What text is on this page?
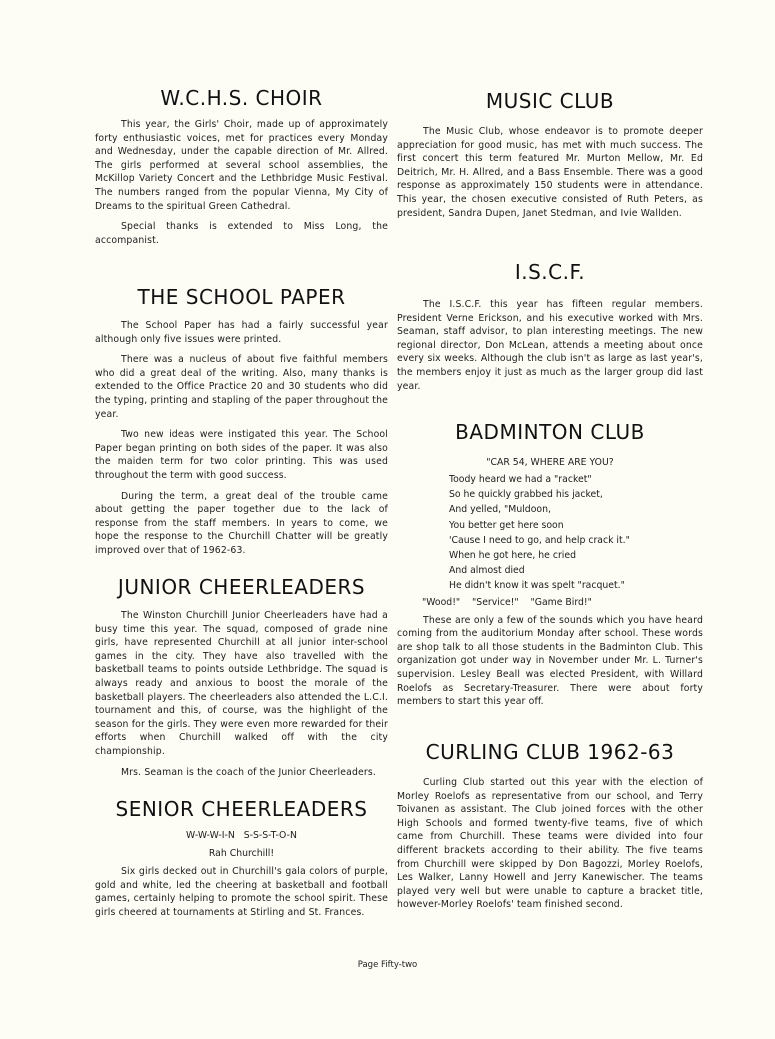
W.C.H.S. CHOIR

This year, the Girls' Choir, made up of approximately forty enthusiastic voices, met for practices every Monday and Wednesday, under the capable direction of Mr. Allred. The girls performed at several school assemblies, the McKillop Variety Concert and the Lethbridge Music Festival. The numbers ranged from the popular Vienna, My City of Dreams to the spiritual Green Cathedral.

Special thanks is extended to Miss Long, the accompanist.

THE SCHOOL PAPER

The School Paper has had a fairly successful year although only five issues were printed.

There was a nucleus of about five faithful members who did a great deal of the writing. Also, many thanks is extended to the Office Practice 20 and 30 students who did the typing, printing and stapling of the paper throughout the year.

Two new ideas were instigated this year. The School Paper began printing on both sides of the paper. It was also the maiden term for two color printing. This was used throughout the term with good success.

During the term, a great deal of the trouble came about getting the paper together due to the lack of response from the staff members. In years to come, we hope the response to the Churchill Chatter will be greatly improved over that of 1962-63.

JUNIOR CHEERLEADERS

The Winston Churchill Junior Cheerleaders have had a busy time this year. The squad, composed of grade nine girls, have represented Churchill at all junior inter-school games in the city. They have also travelled with the basketball teams to points outside Lethbridge. The squad is always ready and anxious to boost the morale of the basketball players. The cheerleaders also attended the L.C.I. tournament and this, of course, was the highlight of the season for the girls. They were even more rewarded for their efforts when Churchill walked off with the city championship.

Mrs. Seaman is the coach of the Junior Cheerleaders.

SENIOR CHEERLEADERS

W-W-W-I-N   S-S-S-T-O-N

Rah Churchill!

Six girls decked out in Churchill's gala colors of purple, gold and white, led the cheering at basketball and football games, certainly helping to promote the school spirit. These girls cheered at tournaments at Stirling and St. Frances.

MUSIC CLUB

The Music Club, whose endeavor is to promote deeper appreciation for good music, has met with much success. The first concert this term featured Mr. Murton Mellow, Mr. Ed Deitrich, Mr. H. Allred, and a Bass Ensemble. There was a good response as approximately 150 students were in attendance. This year, the chosen executive consisted of Ruth Peters, as president, Sandra Dupen, Janet Stedman, and Ivie Wallden.

I.S.C.F.

The I.S.C.F. this year has fifteen regular members. President Verne Erickson, and his executive worked with Mrs. Seaman, staff advisor, to plan interesting meetings. The new regional director, Don McLean, attends a meeting about once every six weeks. Although the club isn't as large as last year's, the members enjoy it just as much as the larger group did last year.

BADMINTON CLUB

"CAR 54, WHERE ARE YOU?

Toody heard we had a "racket"
So he quickly grabbed his jacket,
And yelled, "Muldoon,
You better get here soon
'Cause I need to go, and help crack it."
When he got here, he cried
And almost died
He didn't know it was spelt "racquet."
"Wood!"    "Service!"    "Game Bird!"

These are only a few of the sounds which you have heard coming from the auditorium Monday after school. These words are shop talk to all those students in the Badminton Club. This organization got under way in November under Mr. L. Turner's supervision. Lesley Beall was elected President, with Willard Roelofs as Secretary-Treasurer. There were about forty members to start this year off.

CURLING CLUB 1962-63

Curling Club started out this year with the election of Morley Roelofs as representative from our school, and Terry Toivanen as assistant. The Club joined forces with the other High Schools and formed twenty-five teams, five of which came from Churchill. These teams were divided into four different brackets according to their ability. The five teams from Churchill were skipped by Don Bagozzi, Morley Roelofs, Les Walker, Lanny Howell and Jerry Kanewischer. The teams played very well but were unable to capture a bracket title, however-Morley Roelofs' team finished second.

Page Fifty-two
